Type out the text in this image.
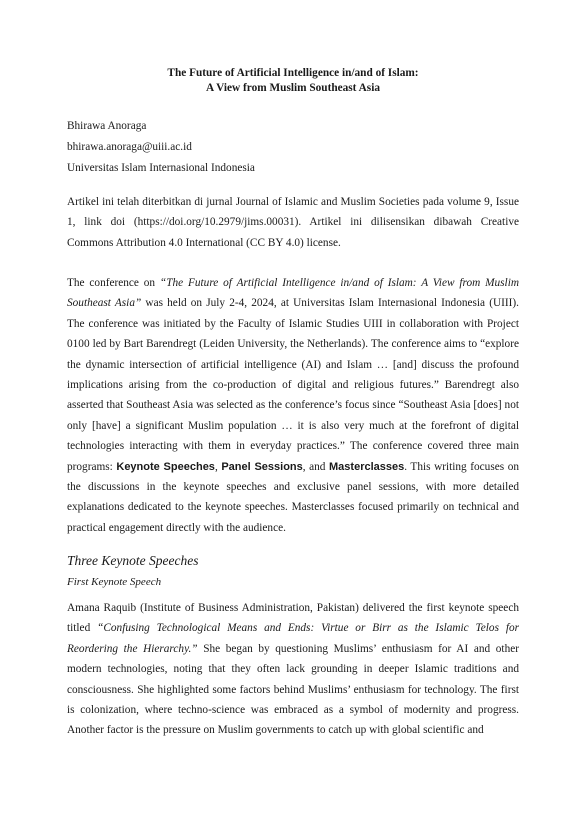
The Future of Artificial Intelligence in/and of Islam:
A View from Muslim Southeast Asia
Bhirawa Anoraga
bhirawa.anoraga@uiii.ac.id
Universitas Islam Internasional Indonesia

Artikel ini telah diterbitkan di jurnal Journal of Islamic and Muslim Societies pada volume 9, Issue 1, link doi (https://doi.org/10.2979/jims.00031). Artikel ini dilisensikan dibawah Creative Commons Attribution 4.0 International (CC BY 4.0) license.

The conference on “The Future of Artificial Intelligence in/and of Islam: A View from Muslim Southeast Asia” was held on July 2-4, 2024, at Universitas Islam Internasional Indonesia (UIII). The conference was initiated by the Faculty of Islamic Studies UIII in collaboration with Project 0100 led by Bart Barendregt (Leiden University, the Netherlands). The conference aims to “explore the dynamic intersection of artificial intelligence (AI) and Islam … [and] discuss the profound implications arising from the co-production of digital and religious futures.” Barendregt also asserted that Southeast Asia was selected as the conference’s focus since “Southeast Asia [does] not only [have] a significant Muslim population … it is also very much at the forefront of digital technologies interacting with them in everyday practices.” The conference covered three main programs: Keynote Speeches, Panel Sessions, and Masterclasses. This writing focuses on the discussions in the keynote speeches and exclusive panel sessions, with more detailed explanations dedicated to the keynote speeches. Masterclasses focused primarily on technical and practical engagement directly with the audience.

Three Keynote Speeches
First Keynote Speech

Amana Raquib (Institute of Business Administration, Pakistan) delivered the first keynote speech titled “Confusing Technological Means and Ends: Virtue or Birr as the Islamic Telos for Reordering the Hierarchy.” She began by questioning Muslims’ enthusiasm for AI and other modern technologies, noting that they often lack grounding in deeper Islamic traditions and consciousness. She highlighted some factors behind Muslims’ enthusiasm for technology. The first is colonization, where techno-science was embraced as a symbol of modernity and progress. Another factor is the pressure on Muslim governments to catch up with global scientific and
